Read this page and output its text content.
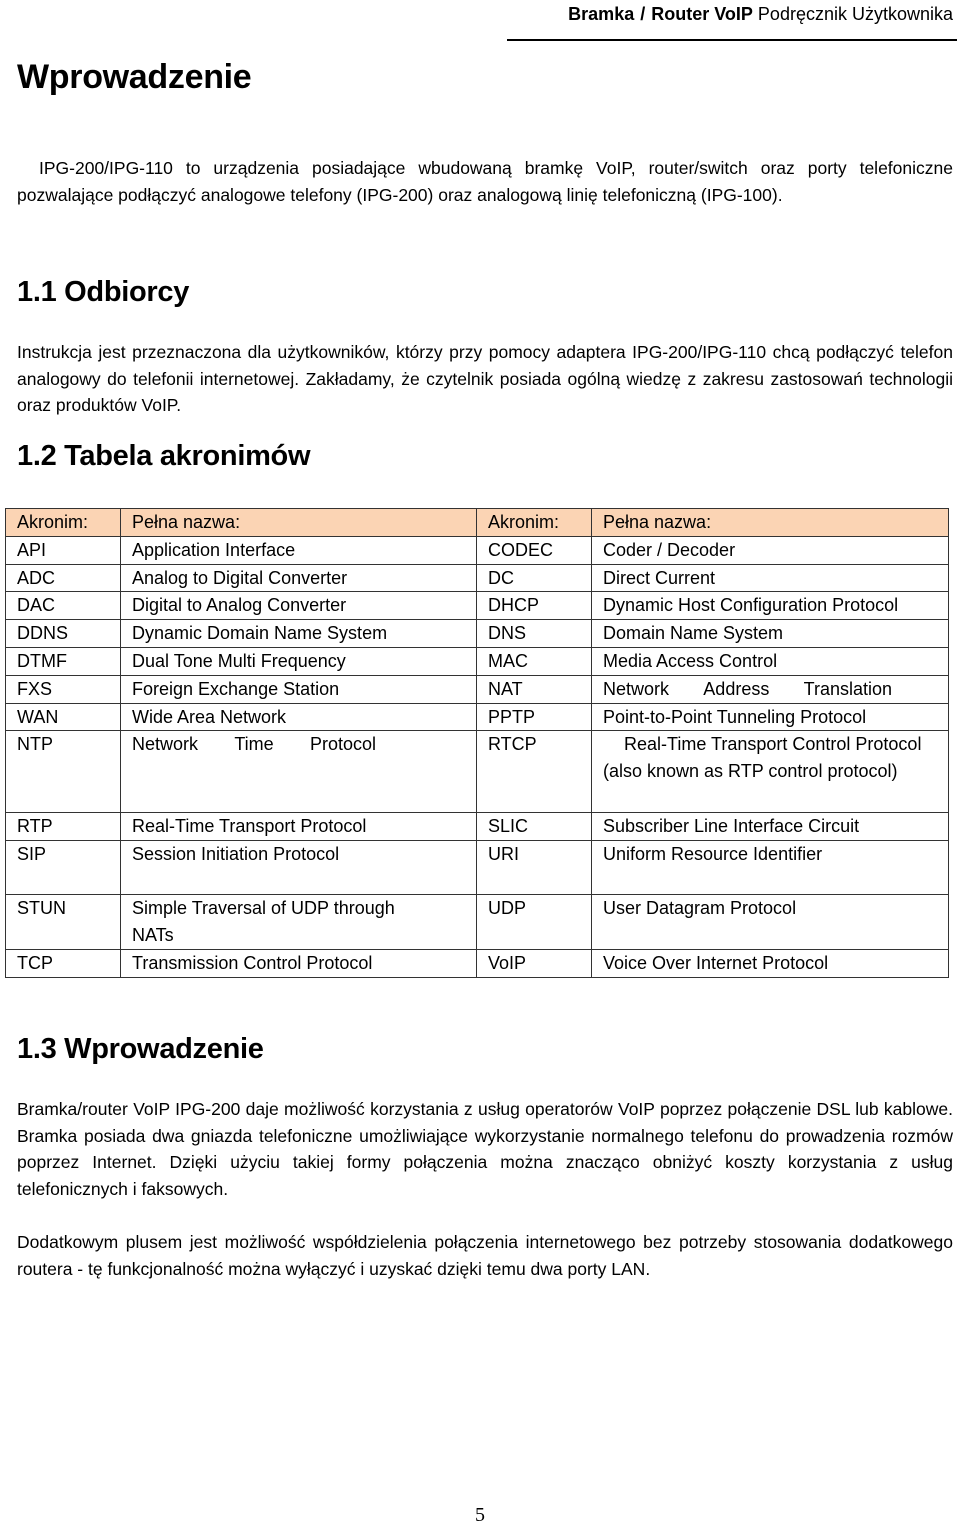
Bramka / Router VoIP Podręcznik Użytkownika
Wprowadzenie

IPG-200/IPG-110 to urządzenia posiadające wbudowaną bramkę VoIP, router/switch oraz porty telefoniczne pozwalające podłączyć analogowe telefony (IPG-200) oraz analogową linię telefoniczną (IPG-100).

1.1 Odbiorcy

Instrukcja jest przeznaczona dla użytkowników, którzy przy pomocy adaptera IPG-200/IPG-110 chcą podłączyć telefon analogowy do telefonii internetowej. Zakładamy, że czytelnik posiada ogólną wiedzę z zakresu zastosowań technologii oraz produktów VoIP.

1.2 Tabela akronimów
Akronim:	Pełna nazwa:	Akronim:	Pełna nazwa:
API	Application Interface	CODEC	Coder / Decoder
ADC	Analog to Digital Converter	DC	Direct Current
DAC	Digital to Analog Converter	DHCP	Dynamic Host Configuration Protocol
DDNS	Dynamic Domain Name System	DNS	Domain Name System
DTMF	Dual Tone Multi Frequency	MAC	Media Access Control
FXS	Foreign Exchange Station	NAT	Network Address Translation

WAN	Wide Area Network	PPTP	Point-to-Point Tunneling Protocol
NTP	Network Time Protocol	RTCP	Real-Time Transport Control Protocol (also known as RTP control protocol)
RTP	Real-Time Transport Protocol	SLIC	Subscriber Line Interface Circuit
SIP	Session Initiation Protocol	URI	Uniform Resource Identifier
STUN	Simple Traversal of UDP through NATs	UDP	User Datagram Protocol
TCP	Transmission Control Protocol	VoIP	Voice Over Internet Protocol
1.3 Wprowadzenie

Bramka/router VoIP IPG-200 daje możliwość korzystania z usług operatorów VoIP poprzez połączenie DSL lub kablowe. Bramka posiada dwa gniazda telefoniczne umożliwiające wykorzystanie normalnego telefonu do prowadzenia rozmów poprzez Internet. Dzięki użyciu takiej formy połączenia można znacząco obniżyć koszty korzystania z usług telefonicznych i faksowych.

Dodatkowym plusem jest możliwość współdzielenia połączenia internetowego bez potrzeby stosowania dodatkowego routera - tę funkcjonalność można wyłączyć i uzyskać dzięki temu dwa porty LAN.

5
